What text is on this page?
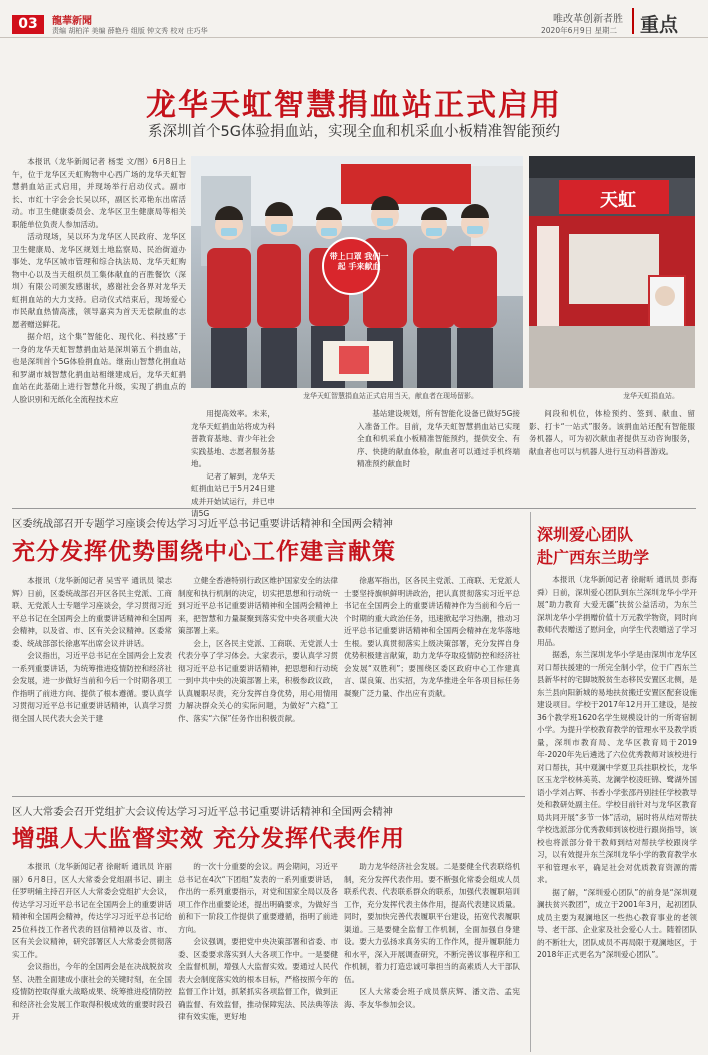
03	龍華新聞
责编 胡柏洋 美编 薛艳丹 组版 钟文秀 校对 庄巧华
唯改革创新者胜
2020年6月9日 星期二 重点
龙华天虹智慧捐血站正式启用
系深圳首个5G体验捐血站，实现全血和机采血小板精准智能预约

本报讯（龙华新闻记者 杨雯 文/图）6月8日上午，位于龙华区天虹购物中心西广场的龙华天虹智慧捐血站正式启用，并现场举行启动仪式。副市长、市红十字会会长吴以环，副区长邓艳东出席活动。市卫生健康委员会、龙华区卫生健康局等相关职能单位负责人参加活动。

活动现场，吴以环为龙华区人民政府、龙华区卫生健康局、龙华区规划土地监察局、民治街道办事处、龙华区城市管理和综合执法局、龙华天虹购物中心以及当天组织员工集体献血的百胜餐饮（深圳）有限公司颁发感谢状，感谢社会各界对龙华天虹捐血站的大力支持。启动仪式结束后，现场爱心市民献血热情高涨，领导嘉宾为首天无偿献血的志愿者赠送鲜花。

据介绍，这个集“智能化、现代化、科技感”于一身的龙华天虹智慧捐血站是深圳第五个捐血站，也是深圳首个5G体验捐血站。继南山智慧化捐血站和罗湖市城智慧化捐血站相继建成后，龙华天虹捐血站在此基础上进行智慧化升级，实现了捐血点的人脸识别和无纸化全流程技术应

带上口罩 我们一起 手来献血
龙华天虹智慧捐血站正式启用当天，献血者在现场留影。
天虹
龙华天虹捐血站。

用提高效率。未来，龙华天虹捐血站将成为科普教育基地、青少年社会实践基地、志愿者服务基地。

记者了解到，龙华天虹捐血站已于5月24日建成并开始试运行，并已申请5G

基站建设规划，所有智能化设备已做好5G接入准备工作。目前，龙华天虹智慧捐血站已实现全血和机采血小板精准智能预约，提供安全、有序、快捷的献血体验，献血者可以通过手机终端精准预约献血时

间段和机位，体检预约、签到、献血、留影、打卡“一站式”服务。该捐血站还配有智能服务机器人，可为初次献血者提供互动咨询服务，献血者也可以与机器人进行互动科普游戏。

区委统战部召开专题学习座谈会传达学习习近平总书记重要讲话精神和全国两会精神
充分发挥优势围绕中心工作建言献策

本报讯（龙华新闻记者 吴雪平 通讯员 梁志辉）日前，区委统战部召开区各民主党派、工商联、无党派人士专题学习座谈会，学习贯彻习近平总书记在全国两会上的重要讲话精神和全国两会精神，以及省、市、区有关会议精神。区委常委、统战部部长徐惠军出席会议并讲话。

会议指出，习近平总书记在全国两会上发表一系列重要讲话，为统筹推进疫情防控和经济社会发展，进一步做好当前和今后一个时期各项工作指明了前进方向、提供了根本遵循。要认真学习贯彻习近平总书记重要讲话精神，认真学习贯彻全国人民代表大会关于建

立健全香港特别行政区维护国家安全的法律制度和执行机制的决定，切实把思想和行动统一到习近平总书记重要讲话精神和全国两会精神上来，把智慧和力量凝聚到落实党中央各项重大决策部署上来。

会上，区各民主党派、工商联、无党派人士代表分享了学习体会。大家表示，要认真学习贯彻习近平总书记重要讲话精神，把思想和行动统一到中共中央的决策部署上来，积极参政议政，认真履职尽责，充分发挥自身优势，用心用情用力解决群众关心的实际问题，为做好“六稳”工作、落实“六保”任务作出积极贡献。

徐惠军指出，区各民主党派、工商联、无党派人士要坚持旗帜鲜明讲政治，把认真贯彻落实习近平总书记在全国两会上的重要讲话精神作为当前和今后一个时期的重大政治任务，迅速掀起学习热潮，推动习近平总书记重要讲话精神和全国两会精神在龙华落地生根。要认真贯彻落实上级决策部署，充分发挥自身优势积极建言献策，助力龙华夺取疫情防控和经济社会发展“双胜利”；要围绕区委区政府中心工作建真言、谋良策、出实招，为龙华推进全年各项目标任务凝聚广泛力量、作出应有贡献。

区人大常委会召开党组扩大会议传达学习习近平总书记重要讲话精神和全国两会精神
增强人大监督实效 充分发挥代表作用

本报讯（龙华新闻记者 徐耐昕 通讯员 许丽丽）6月8日，区人大常委会党组副书记、副主任罗明辅主持召开区人大常委会党组扩大会议，传达学习习近平总书记在全国两会上的重要讲话精神和全国两会精神，传达学习习近平总书记给25位科技工作者代表的回信精神以及省、市、区有关会议精神，研究部署区人大常委会贯彻落实工作。

会议指出，今年的全国两会是在决战脱贫攻坚、决胜全面建成小康社会的关键时刻，在全国疫情防控取得重大战略成果、统筹推进疫情防控和经济社会发展工作取得积极成效的重要时段召开

的一次十分重要的会议。两会期间，习近平总书记在4次“下团组”发表的一系列重要讲话，作出的一系列重要指示，对党和国家全局以及各项工作作出重要论述，提出明确要求，为做好当前和下一阶段工作提供了重要遵循，指明了前进方向。

会议强调，要把党中央决策部署和省委、市委、区委要求落实到人大各项工作中。一是要健全监督机制，增强人大监督实效。要通过人民代表大会制度落实效的根本目标，严格按照今年的监督工作计划，抓紧抓实各项监督工作，做到正确监督、有效监督，推动保障宪法、民法典等法律有效实施，更好地

助力龙华经济社会发展。二是要健全代表联络机制，充分发挥代表作用。要不断强化常委会组成人员联系代表、代表联系群众的联系，加强代表履职培训工作，充分发挥代表主体作用，提高代表建议质量。同时，要加快完善代表履职平台建设，拓宽代表履职渠道。三是要健全监督工作机制，全面加强自身建设。要大力弘扬求真务实的工作作风，提升履职能力和水平，深入开展调查研究，不断完善议事程序和工作机制，着力打造忠诚可靠担当的高素质人大干部队伍。

区人大常委会班子成员蔡庆辉、潘文浩、孟宪海、李友华参加会议。

深圳爱心团队
赴广西东兰助学

本报讯（龙华新闻记者 徐耐昕 通讯员 彭海舜）日前，深圳爱心团队到东兰深圳龙华小学开展“助力教育 大爱无疆”扶贫公益活动，为东兰深圳龙华小学捐赠价值十万元教学物资，同时向教师代表赠送了慰问金，向学生代表赠送了学习用品。

据悉，东兰深圳龙华小学是由深圳市龙华区对口帮扶援建的一所完全制小学，位于广西东兰县新华村的宅脚坡脱贫生态移民安置区北侧，是东兰县向阳新城的易地扶贫搬迁安置区配套设施建设项目。学校于2017年12月开工建设，是按36个教学班1620名学生规模设计的一所寄宿制小学。为提升学校教育教学的管理水平及教学质量，深圳市教育局、龙华区教育局于2019年-2020年先后遴选了六位优秀教师对该校进行对口帮扶，其中观澜中学夏卫兵挂职校长，龙华区玉龙学校林美英、龙澜学校凌旺锦、鹭湖外国语小学刘占辉、书香小学张邵丹别挂任学校教导处和教研处副主任。学校目前针对与龙华区教育局共同开展“多节一体”活动，届时将从结对帮扶学校选派部分优秀教师到该校进行跟岗指导，该校也将派部分骨干教师到结对帮扶学校跟岗学习，以有效提升东兰深圳龙华小学的教育教学水平和管理水平，确足社会对优质教育资源的需求。

据了解，“深圳爱心团队”的前身是“深圳观澜扶贫兴教团”，成立于2001年3月，起初团队成员主要为观澜地区一些热心教育事业的老领导、老干部、企业家及社会爱心人士。随着团队的不断壮大，团队成员不再局限于观澜地区，于2018年正式更名为“深圳爱心团队”。
